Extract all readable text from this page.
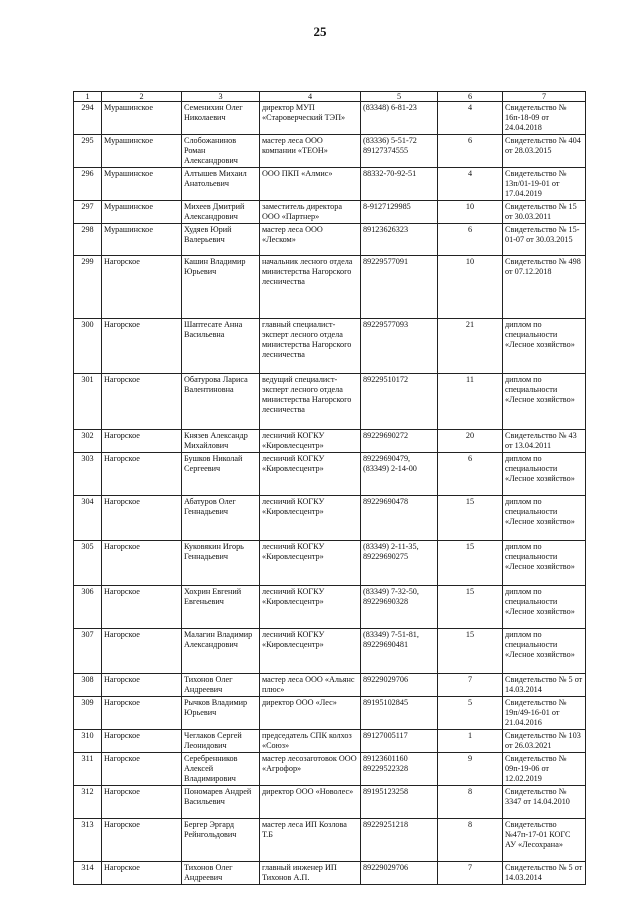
25
1	2	3	4	5	6	7
294	Мурашинское	Семенихин Олег Николаевич	директор МУП «Староверческий ТЭП»	(83348) 6-81-23	4	Свидетельство № 16п-18-09 от 24.04.2018
295	Мурашинское	Слобожанинов Роман Александрович	мастер леса ООО компании «ТЕОН»	(83336) 5-51-72 89127374555	6	Свидетельство № 404 от 28.03.2015
296	Мурашинское	Алтышев Михаил Анатольевич	ООО ПКП «Алмис»	88332-70-92-51	4	Свидетельство № 13п/01-19-01 от 17.04.2019
297	Мурашинское	Михеев Дмитрий Александрович	заместитель директора ООО «Партнер»	8-9127129985	10	Свидетельство № 15 от 30.03.2011
298	Мурашинское	Худяев Юрий Валерьевич	мастер леса ООО «Леском»	89123626323	6	Свидетельство № 15-01-07 от 30.03.2015
299	Нагорское	Кашин Владимир Юрьевич	начальник лесного отдела министерства Нагорского лесничества	89229577091	10	Свидетельство № 498 от 07.12.2018
300	Нагорское	Шаптесате Анна Васильевна	главный специалист-эксперт лесного отдела министерства Нагорского лесничества	89229577093	21	диплом по специальности «Лесное хозяйство»
301	Нагорское	Обатурова Лариса Валентиновна	ведущий специалист-эксперт лесного отдела министерства Нагорского лесничества	89229510172	11	диплом по специальности «Лесное хозяйство»
302	Нагорское	Князев Александр Михайлович	лесничий КОГКУ «Кировлесцентр»	89229690272	20	Свидетельство № 43 от 13.04.2011
303	Нагорское	Бушков Николай Сергеевич	лесничий КОГКУ «Кировлесцентр»	89229690479, (83349) 2-14-00	6	диплом по специальности «Лесное хозяйство»
304	Нагорское	Абатуров Олег Геннадьевич	лесничий КОГКУ «Кировлесцентр»	89229690478	15	диплом по специальности «Лесное хозяйство»
305	Нагорское	Куковякин Игорь Геннадьевич	лесничий КОГКУ «Кировлесцентр»	(83349) 2-11-35, 89229690275	15	диплом по специальности «Лесное хозяйство»
306	Нагорское	Хохрин Евгений Евгеньевич	лесничий КОГКУ «Кировлесцентр»	(83349) 7-32-50, 89229690328	15	диплом по специальности «Лесное хозяйство»
307	Нагорское	Малагин Владимир Александрович	лесничий КОГКУ «Кировлесцентр»	(83349) 7-51-81, 89229690481	15	диплом по специальности «Лесное хозяйство»
308	Нагорское	Тихонов Олег Андреевич	мастер леса ООО «Альянс плюс»	89229029706	7	Свидетельство № 5 от 14.03.2014
309	Нагорское	Рычков Владимир Юрьевич	директор ООО «Лес»	89195102845	5	Свидетельство № 19п/49-16-01 от 21.04.2016
310	Нагорское	Чеглаков Сергей Леонидович	председатель СПК колхоз «Союз»	89127005117	1	Свидетельство № 103 от 26.03.2021
311	Нагорское	Серебренников Алексей Владимирович	мастер лесозаготовок ООО «Агрофор»	89123601160 89229522328	9	Свидетельство № 09п-19-06 от 12.02.2019
312	Нагорское	Пономарев Андрей Васильевич	директор ООО «Новолес»	89195123258	8	Свидетельство № 3347 от 14.04.2010
313	Нагорское	Бергер Эргард Рейнгольдович	мастер леса ИП Козлова Т.Б	89229251218	8	Свидетельство №47п-17-01 КОГС АУ «Лесохрана»
314	Нагорское	Тихонов Олег Андреевич	главный инженер ИП Тихонов А.П.	89229029706	7	Свидетельство № 5 от 14.03.2014
